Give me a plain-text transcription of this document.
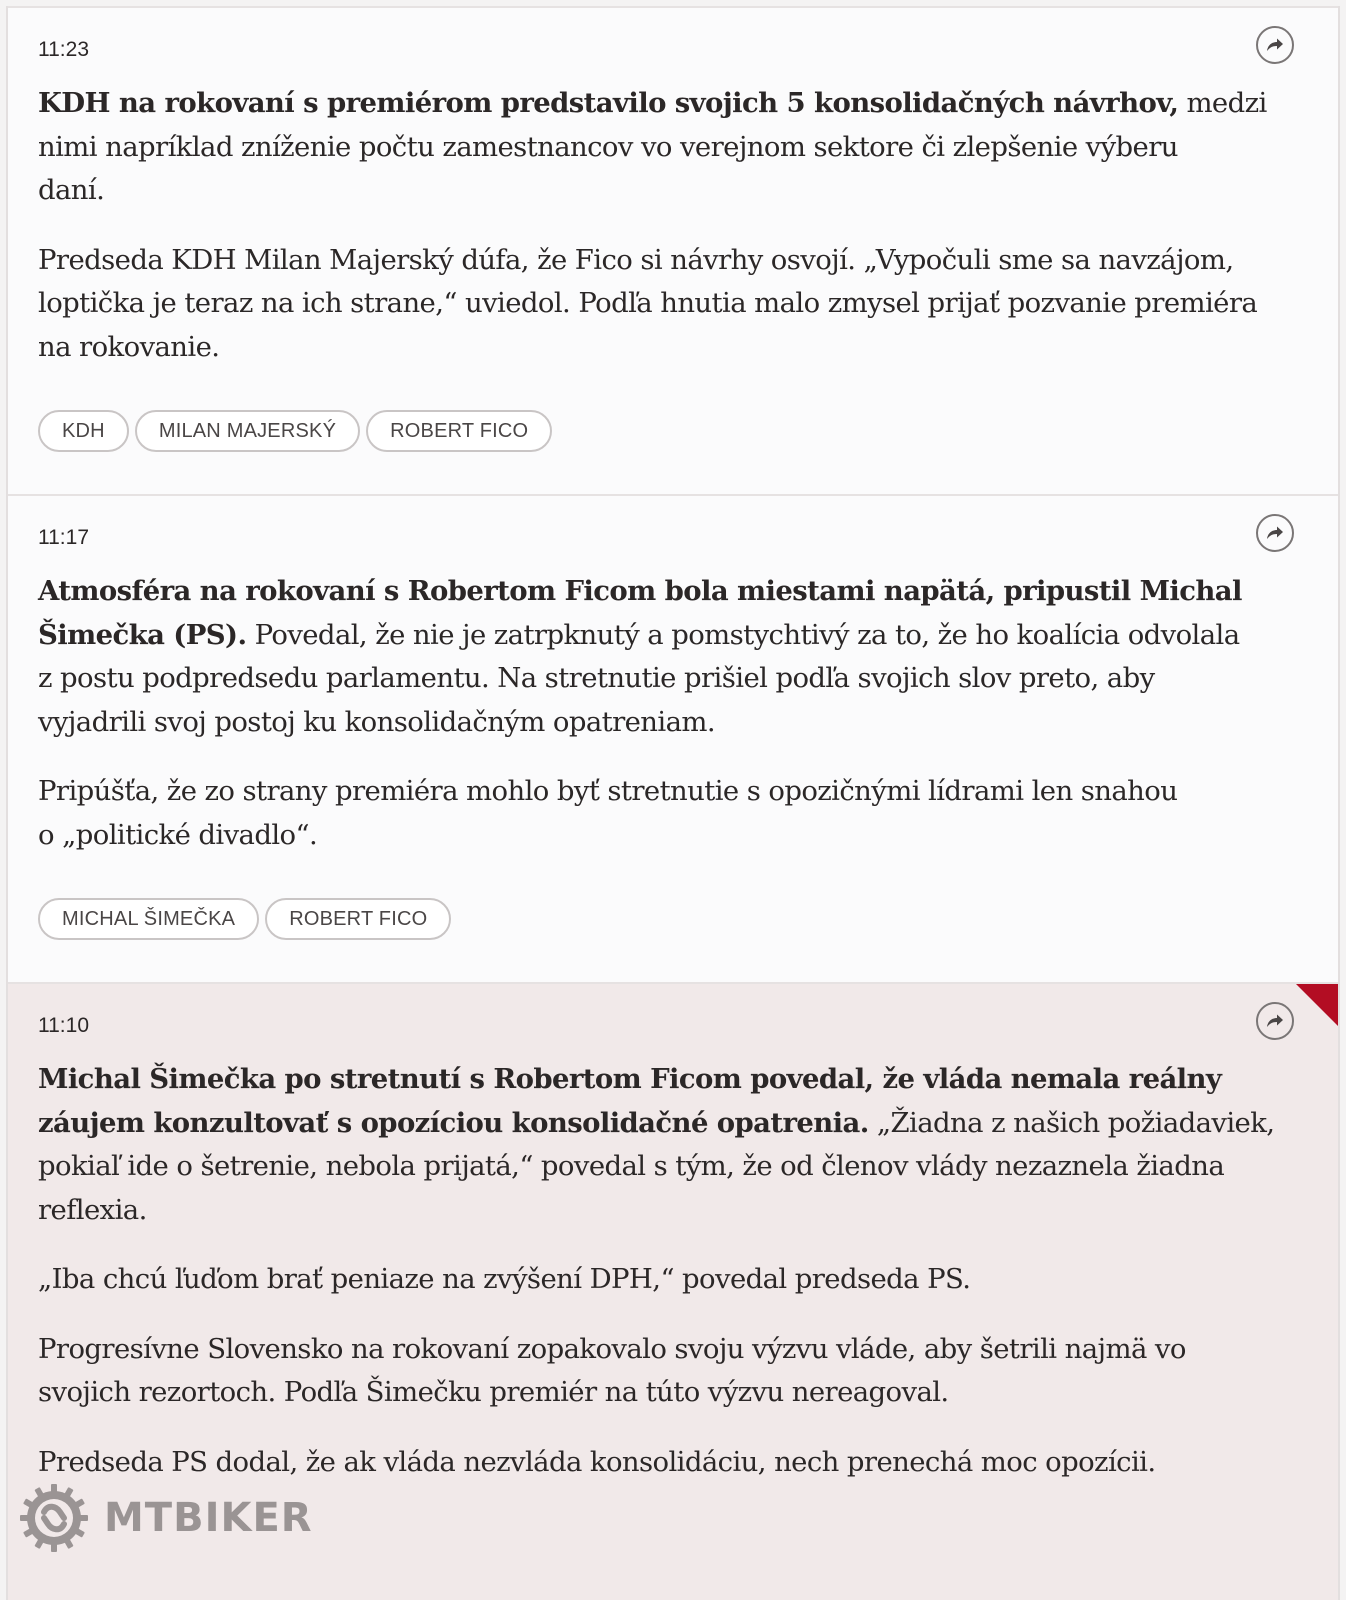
11:23

KDH na rokovaní s premiérom predstavilo svojich 5 konsolidačných návrhov, medzi
nimi napríklad zníženie počtu zamestnancov vo verejnom sektore či zlepšenie výberu
daní.

Predseda KDH Milan Majerský dúfa, že Fico si návrhy osvojí. „Vypočuli sme sa navzájom,
loptička je teraz na ich strane,“ uviedol. Podľa hnutia malo zmysel prijať pozvanie premiéra
na rokovanie.

KDH	MILAN MAJERSKÝ	ROBERT FICO
11:17

Atmosféra na rokovaní s Robertom Ficom bola miestami napätá, pripustil Michal
Šimečka (PS). Povedal, že nie je zatrpknutý a pomstychtivý za to, že ho koalícia odvolala
z postu podpredsedu parlamentu. Na stretnutie prišiel podľa svojich slov preto, aby
vyjadrili svoj postoj ku konsolidačným opatreniam.

Pripúšťa, že zo strany premiéra mohlo byť stretnutie s opozičnými lídrami len snahou
o „politické divadlo“.

MICHAL ŠIMEČKA	ROBERT FICO
11:10

Michal Šimečka po stretnutí s Robertom Ficom povedal, že vláda nemala reálny
záujem konzultovať s opozíciou konsolidačné opatrenia. „Žiadna z našich požiadaviek,
pokiaľ ide o šetrenie, nebola prijatá,“ povedal s tým, že od členov vlády nezaznela žiadna
reflexia.

„Iba chcú ľuďom brať peniaze na zvýšení DPH,“ povedal predseda PS.

Progresívne Slovensko na rokovaní zopakovalo svoju výzvu vláde, aby šetrili najmä vo
svojich rezortoch. Podľa Šimečku premiér na túto výzvu nereagoval.

Predseda PS dodal, že ak vláda nezvláda konsolidáciu, nech prenechá moc opozícii.

MTBIKER
